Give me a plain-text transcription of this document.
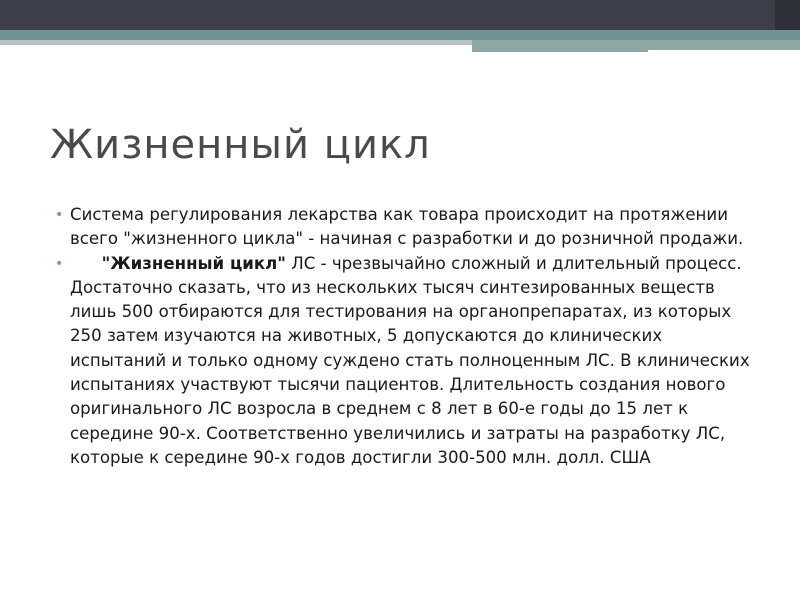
Жизненный цикл
• Система регулирования лекарства как товара происходит на протяжении всего "жизненного цикла" - начиная с разработки и до розничной продажи.
• "Жизненный цикл" ЛС - чрезвычайно сложный и длительный процесс. Достаточно сказать, что из нескольких тысяч синтезированных веществ лишь 500 отбираются для тестирования на органопрепаратах, из которых 250 затем изучаются на животных, 5 допускаются до клинических испытаний и только одному суждено стать полноценным ЛС. В клинических испытаниях участвуют тысячи пациентов. Длительность создания нового оригинального ЛС возросла в среднем с 8 лет в 60-е годы до 15 лет к середине 90-х. Соответственно увеличились и затраты на разработку ЛС, которые к середине 90-х годов достигли 300-500 млн. долл. США
